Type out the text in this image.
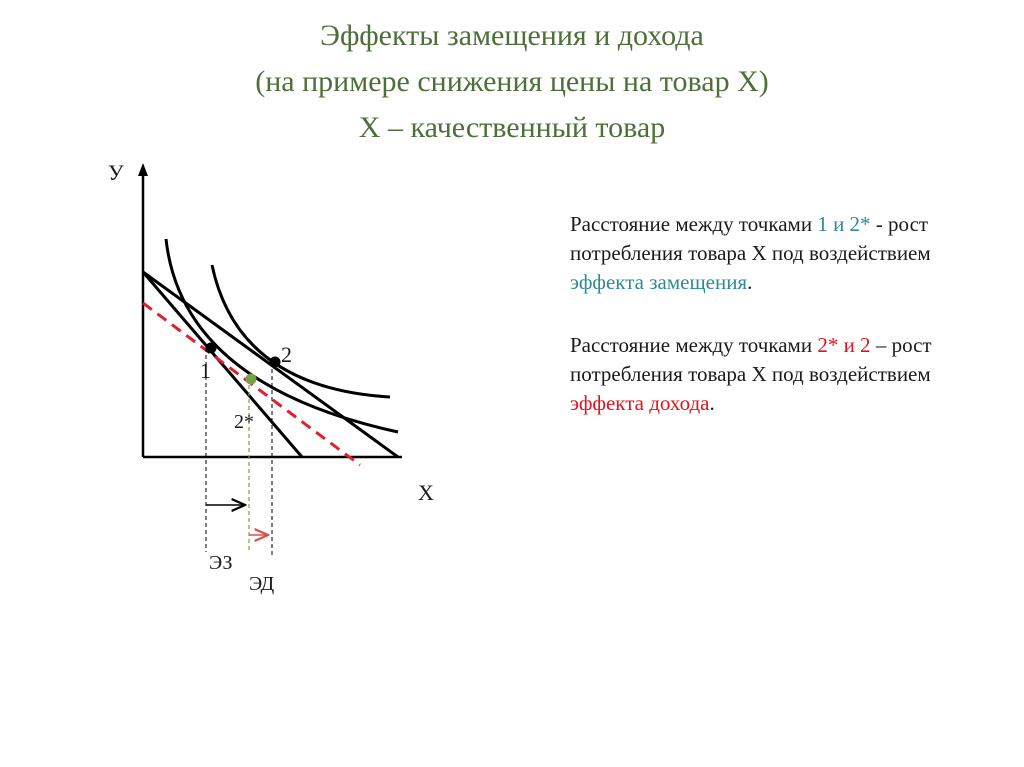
Эффекты замещения и дохода
(на примере снижения цены на товар X)
X – качественный товар
У
Х
1
2
2*
ЭЗ
ЭД
Расстояние между точками 1 и 2* - рост потребления товара X под воздействием эффекта замещения.
Расстояние между точками 2* и 2 – рост потребления товара X под воздействием эффекта дохода.
